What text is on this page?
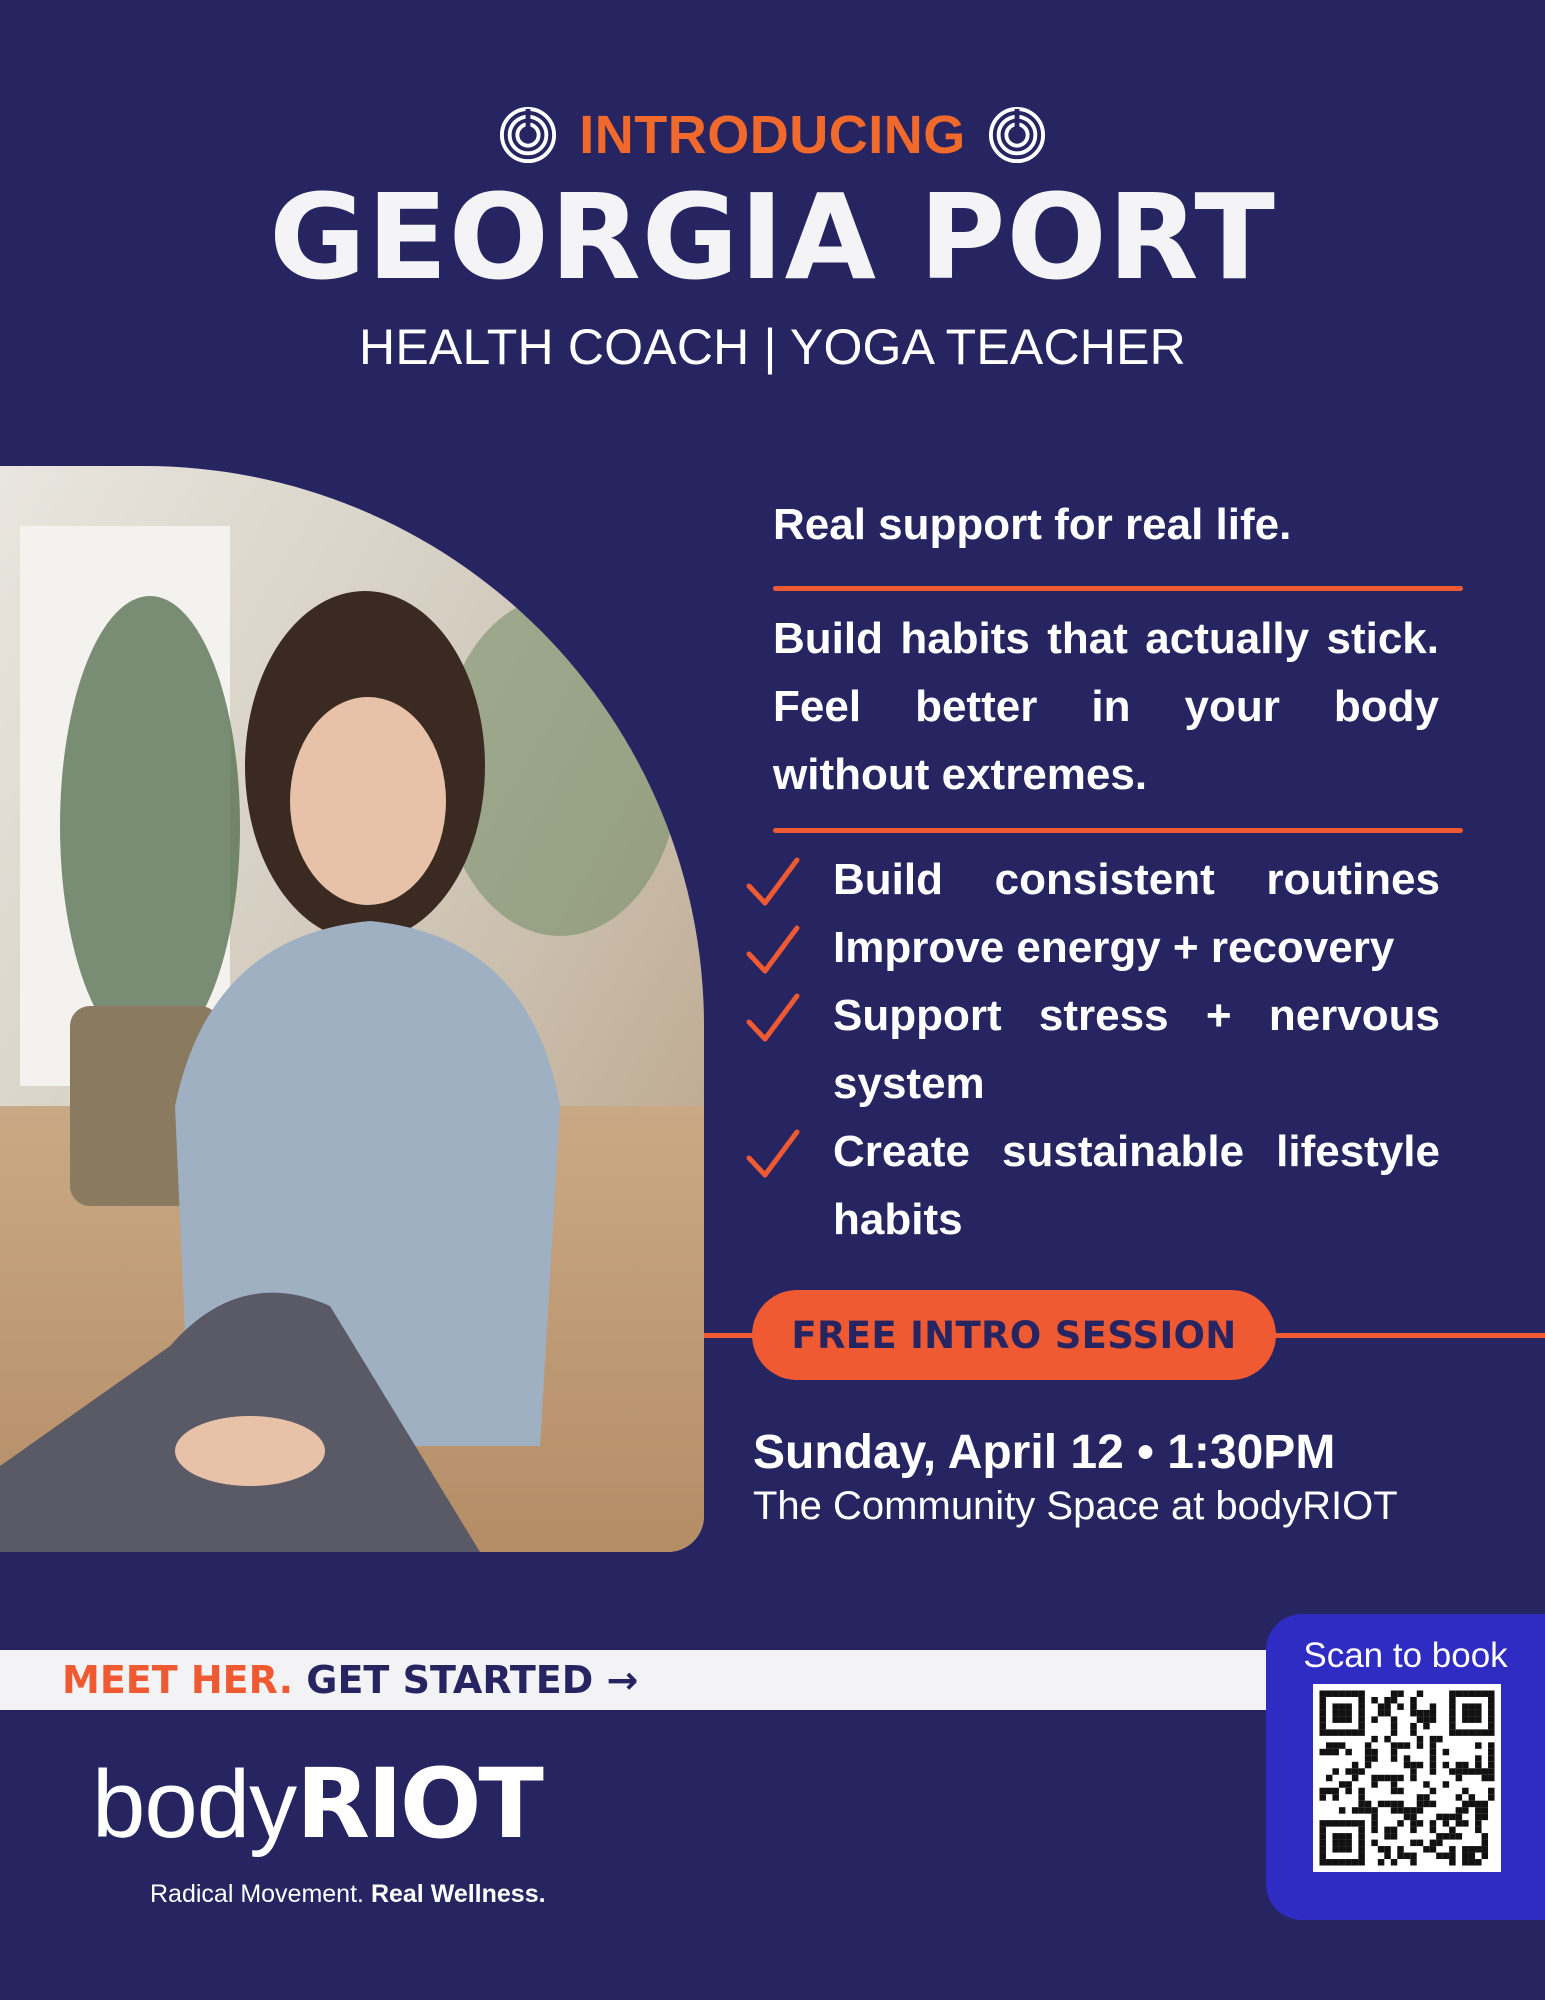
INTRODUCING
GEORGIA PORT
HEALTH COACH | YOGA TEACHER
Real support for real life.
Build habits that actually stick. Feel better in your body without extremes.
Build consistent routines
Improve energy + recovery
Support stress + nervous system
Create sustainable lifestyle habits
FREE INTRO SESSION
Sunday, April 12 • 1:30PM
The Community Space at bodyRIOT
MEET HER. GET STARTED →
bodyRIOT
Radical Movement. Real Wellness.
Scan to book
